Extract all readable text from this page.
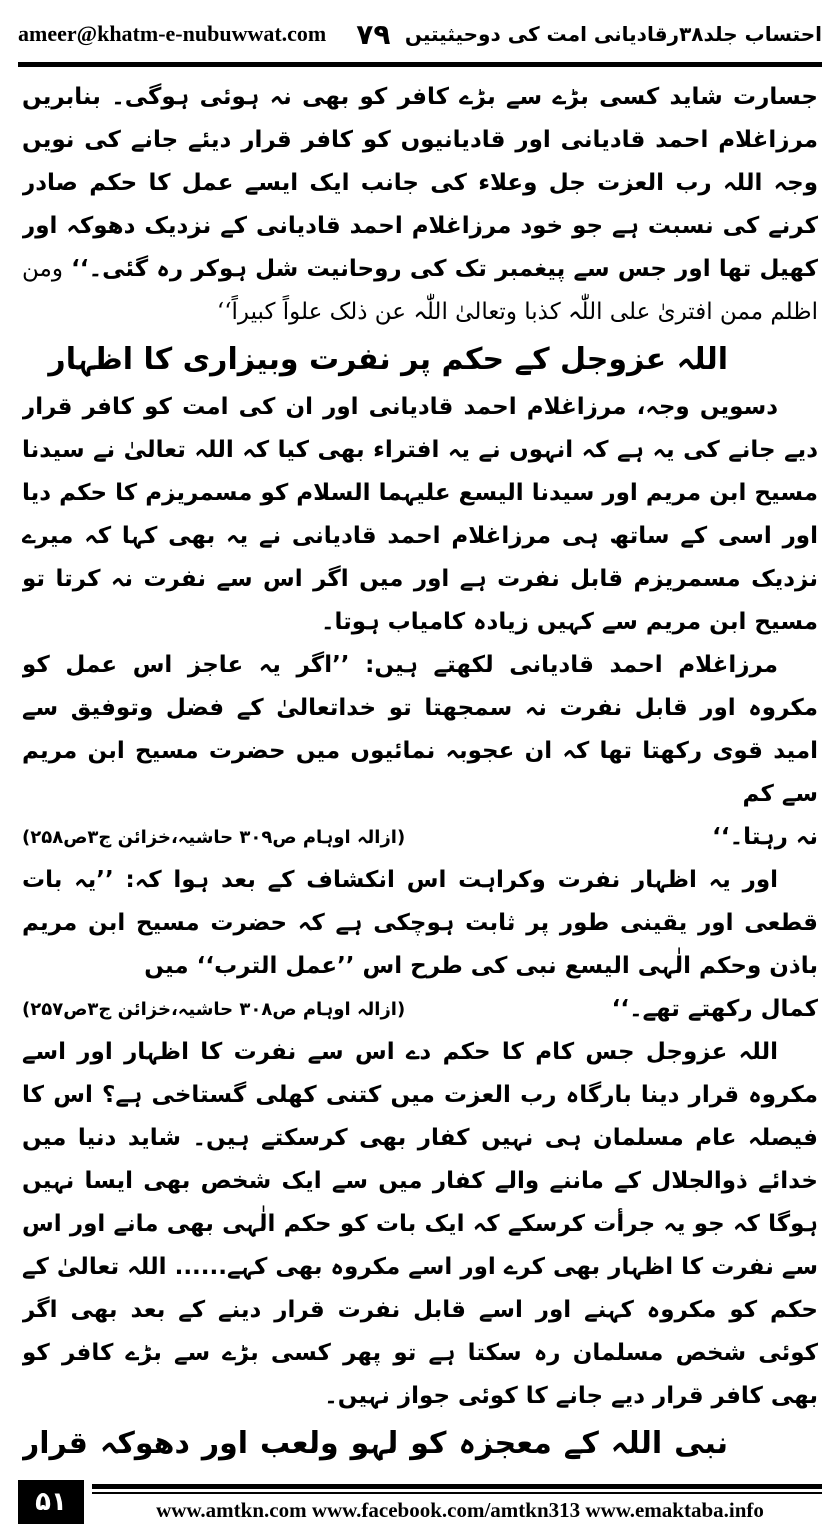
ameer@khatm-e-nubuwwat.com ۷۹ احتساب جلد۳۸رقادیانی امت کی دوحیثیتیں

جسارت شاید کسی بڑے سے بڑے کافر کو بھی نہ ہوئی ہوگی۔ بنابریں مرزاغلام احمد قادیانی اور قادیانیوں کو کافر قرار دیئے جانے کی نویں وجہ اللہ رب العزت جل وعلاء کی جانب ایک ایسے عمل کا حکم صادر کرنے کی نسبت ہے جو خود مرزاغلام احمد قادیانی کے نزدیک دھوکہ اور کھیل تھا اور جس سے پیغمبر تک کی روحانیت شل ہوکر رہ گئی۔‘‘ ومن اظلم ممن افتریٰ علی اللّٰہ کذبا وتعالیٰ اللّٰہ عن ذلک علواً کبیراً‘‘

اللہ عزوجل کے حکم پر نفرت وبیزاری کا اظہار

دسویں وجہ، مرزاغلام احمد قادیانی اور ان کی امت کو کافر قرار دیے جانے کی یہ ہے کہ انہوں نے یہ افتراء بھی کیا کہ اللہ تعالیٰ نے سیدنا مسیح ابن مریم اور سیدنا الیسع علیہما السلام کو مسمریزم کا حکم دیا اور اسی کے ساتھ ہی مرزاغلام احمد قادیانی نے یہ بھی کہا کہ میرے نزدیک مسمریزم قابل نفرت ہے اور میں اگر اس سے نفرت نہ کرتا تو مسیح ابن مریم سے کہیں زیادہ کامیاب ہوتا۔

مرزاغلام احمد قادیانی لکھتے ہیں: ’’اگر یہ عاجز اس عمل کو مکروہ اور قابل نفرت نہ سمجھتا تو خداتعالیٰ کے فضل وتوفیق سے امید قوی رکھتا تھا کہ ان عجوبہ نمائیوں میں حضرت مسیح ابن مریم سے کم

نہ رہتا۔‘‘
(ازالہ اوہام ص۳۰۹ حاشیہ،خزائن ج۳ص۲۵۸)

اور یہ اظہار نفرت وکراہت اس انکشاف کے بعد ہوا کہ: ’’یہ بات قطعی اور یقینی طور پر ثابت ہوچکی ہے کہ حضرت مسیح ابن مریم باذن وحکم الٰہی الیسع نبی کی طرح اس ’’عمل الترب‘‘ میں

کمال رکھتے تھے۔‘‘
(ازالہ اوہام ص۳۰۸ حاشیہ،خزائن ج۳ص۲۵۷)

اللہ عزوجل جس کام کا حکم دے اس سے نفرت کا اظہار اور اسے مکروہ قرار دینا بارگاہ رب العزت میں کتنی کھلی گستاخی ہے؟ اس کا فیصلہ عام مسلمان ہی نہیں کفار بھی کرسکتے ہیں۔ شاید دنیا میں خدائے ذوالجلال کے ماننے والے کفار میں سے ایک شخص بھی ایسا نہیں ہوگا کہ جو یہ جرأت کرسکے کہ ایک بات کو حکم الٰہی بھی مانے اور اس سے نفرت کا اظہار بھی کرے اور اسے مکروہ بھی کہے...... اللہ تعالیٰ کے حکم کو مکروہ کہنے اور اسے قابل نفرت قرار دینے کے بعد بھی اگر کوئی شخص مسلمان رہ سکتا ہے تو پھر کسی بڑے سے بڑے کافر کو بھی کافر قرار دیے جانے کا کوئی جواز نہیں۔

نبی اللہ کے معجزہ کو لہو ولعب اور دھوکہ قرار

۵۱	www.amtkn.com www.facebook.com/amtkn313 www.emaktaba.info
